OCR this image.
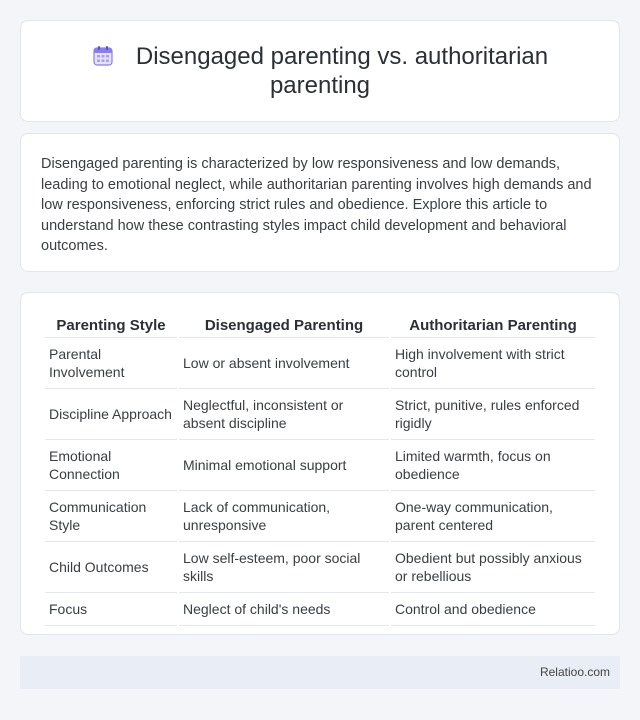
Disengaged parenting vs. authoritarian parenting

Disengaged parenting is characterized by low responsiveness and low demands, leading to emotional neglect, while authoritarian parenting involves high demands and low responsiveness, enforcing strict rules and obedience. Explore this article to understand how these contrasting styles impact child development and behavioral outcomes.

Parenting Style	Disengaged Parenting	Authoritarian Parenting
Parental Involvement	Low or absent involvement	High involvement with strict control
Discipline Approach	Neglectful, inconsistent or absent discipline	Strict, punitive, rules enforced rigidly
Emotional Connection	Minimal emotional support	Limited warmth, focus on obedience
Communication Style	Lack of communication, unresponsive	One-way communication, parent centered
Child Outcomes	Low self-esteem, poor social skills	Obedient but possibly anxious or rebellious
Focus	Neglect of child's needs	Control and obedience
Relatioo.com
